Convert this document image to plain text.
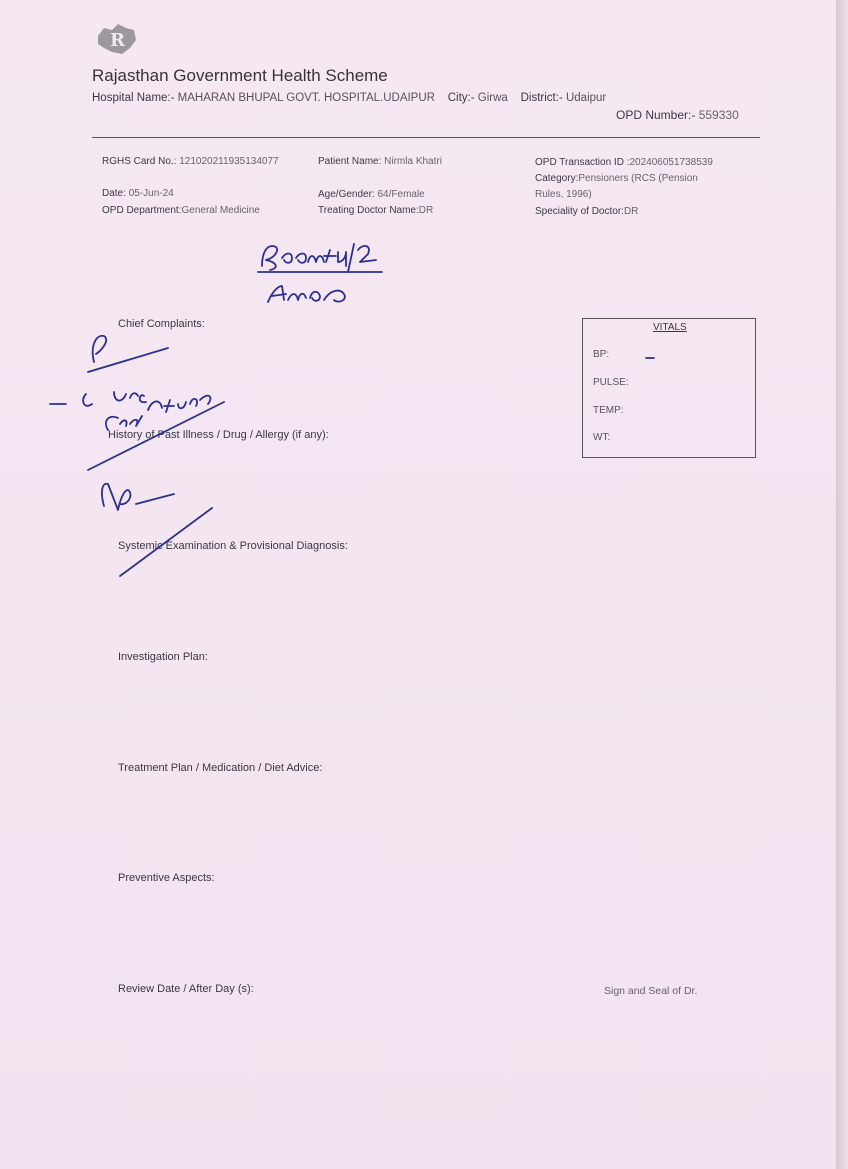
R
Rajasthan Government Health Scheme
Hospital Name:- MAHARAN BHUPAL GOVT. HOSPITAL.UDAIPUR City:- Girwa District:- Udaipur
OPD Number:- 559330
RGHS Card No.: 121020211935134077
Date: 05-Jun-24
OPD Department:General Medicine
Patient Name: Nirmla Khatri
Age/Gender: 64/Female
Treating Doctor Name:DR
OPD Transaction ID :202406051738539
Category:Pensioners (RCS (Pension
Rules, 1996)
Speciality of Doctor:DR
VITALS
BP:
PULSE:
TEMP:
WT:
Chief Complaints:
History of Past Illness / Drug / Allergy (if any):
Systemic Examination & Provisional Diagnosis:
Investigation Plan:
Treatment Plan / Medication / Diet Advice:
Preventive Aspects:
Review Date / After Day (s):	Sign and Seal of Dr.
